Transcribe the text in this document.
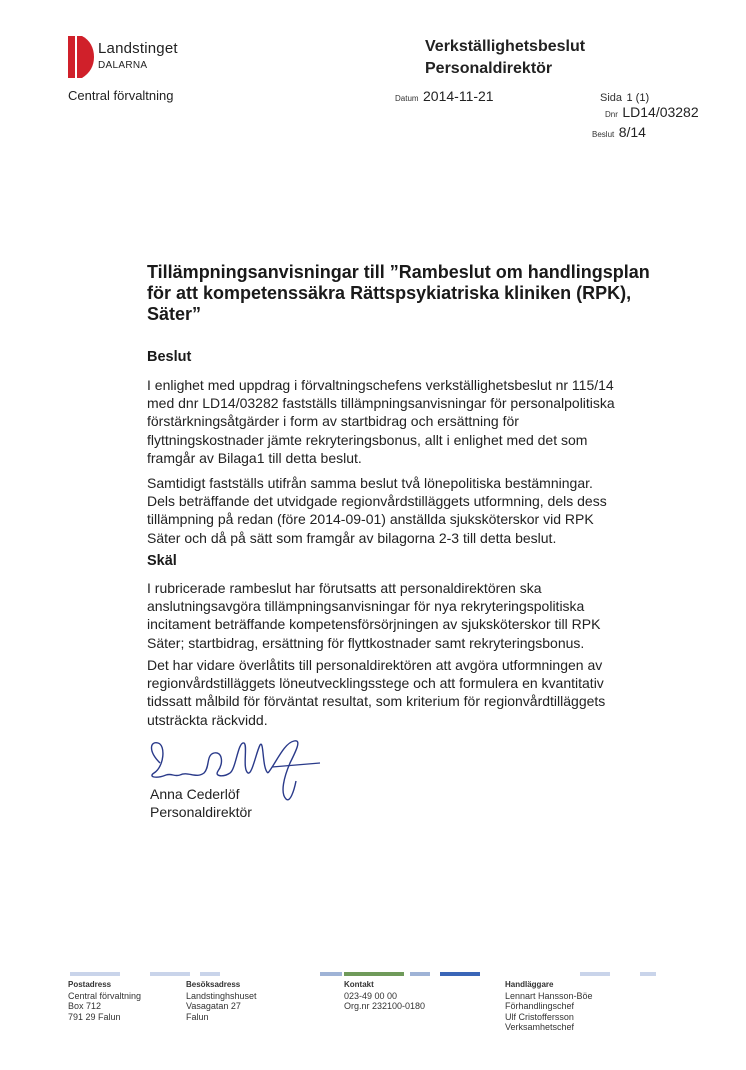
Landstinget
DALARNA
Central förvaltning
Verkställighetsbeslut
Personaldirektör
Datum 2014-11-21	Sida 1 (1)
Dnr LD14/03282
Beslut 8/14
Tillämpningsanvisningar till ”Rambeslut om handlingsplan
för att kompetenssäkra Rättspsykiatriska kliniken (RPK),
Säter”
Beslut

I enlighet med uppdrag i förvaltningschefens verkställighetsbeslut nr 115/14

med dnr LD14/03282 fastställs tillämpningsanvisningar för personalpolitiska

förstärkningsåtgärder i form av startbidrag och ersättning för

flyttningskostnader jämte rekryteringsbonus, allt i enlighet med det som

framgår av Bilaga1 till detta beslut.

Samtidigt fastställs utifrån samma beslut två lönepolitiska bestämningar.

Dels beträffande det utvidgade regionvårdstilläggets utformning, dels dess

tillämpning på redan (före 2014-09-01) anställda sjuksköterskor vid RPK

Säter och då på sätt som framgår av bilagorna 2-3 till detta beslut.

Skäl

I rubricerade rambeslut har förutsatts att personaldirektören ska

anslutningsavgöra tillämpningsanvisningar för nya rekryteringspolitiska

incitament beträffande kompetensförsörjningen av sjuksköterskor till RPK

Säter; startbidrag, ersättning för flyttkostnader samt rekryteringsbonus.

Det har vidare överlåtits till personaldirektören att avgöra utformningen av

regionvårdstilläggets löneutvecklingsstege och att formulera en kvantitativ

tidssatt målbild för förväntat resultat, som kriterium för regionvårdtilläggets

utsträckta räckvidd.

Anna Cederlöf
Personaldirektör
Postadress
Central förvaltning
Box 712
791 29 Falun
Besöksadress
Landstinghshuset
Vasagatan 27
Falun
Kontakt
023-49 00 00
Org.nr 232100-0180
Handläggare
Lennart Hansson-Böe
Förhandlingschef
Ulf Cristoffersson
Verksamhetschef
